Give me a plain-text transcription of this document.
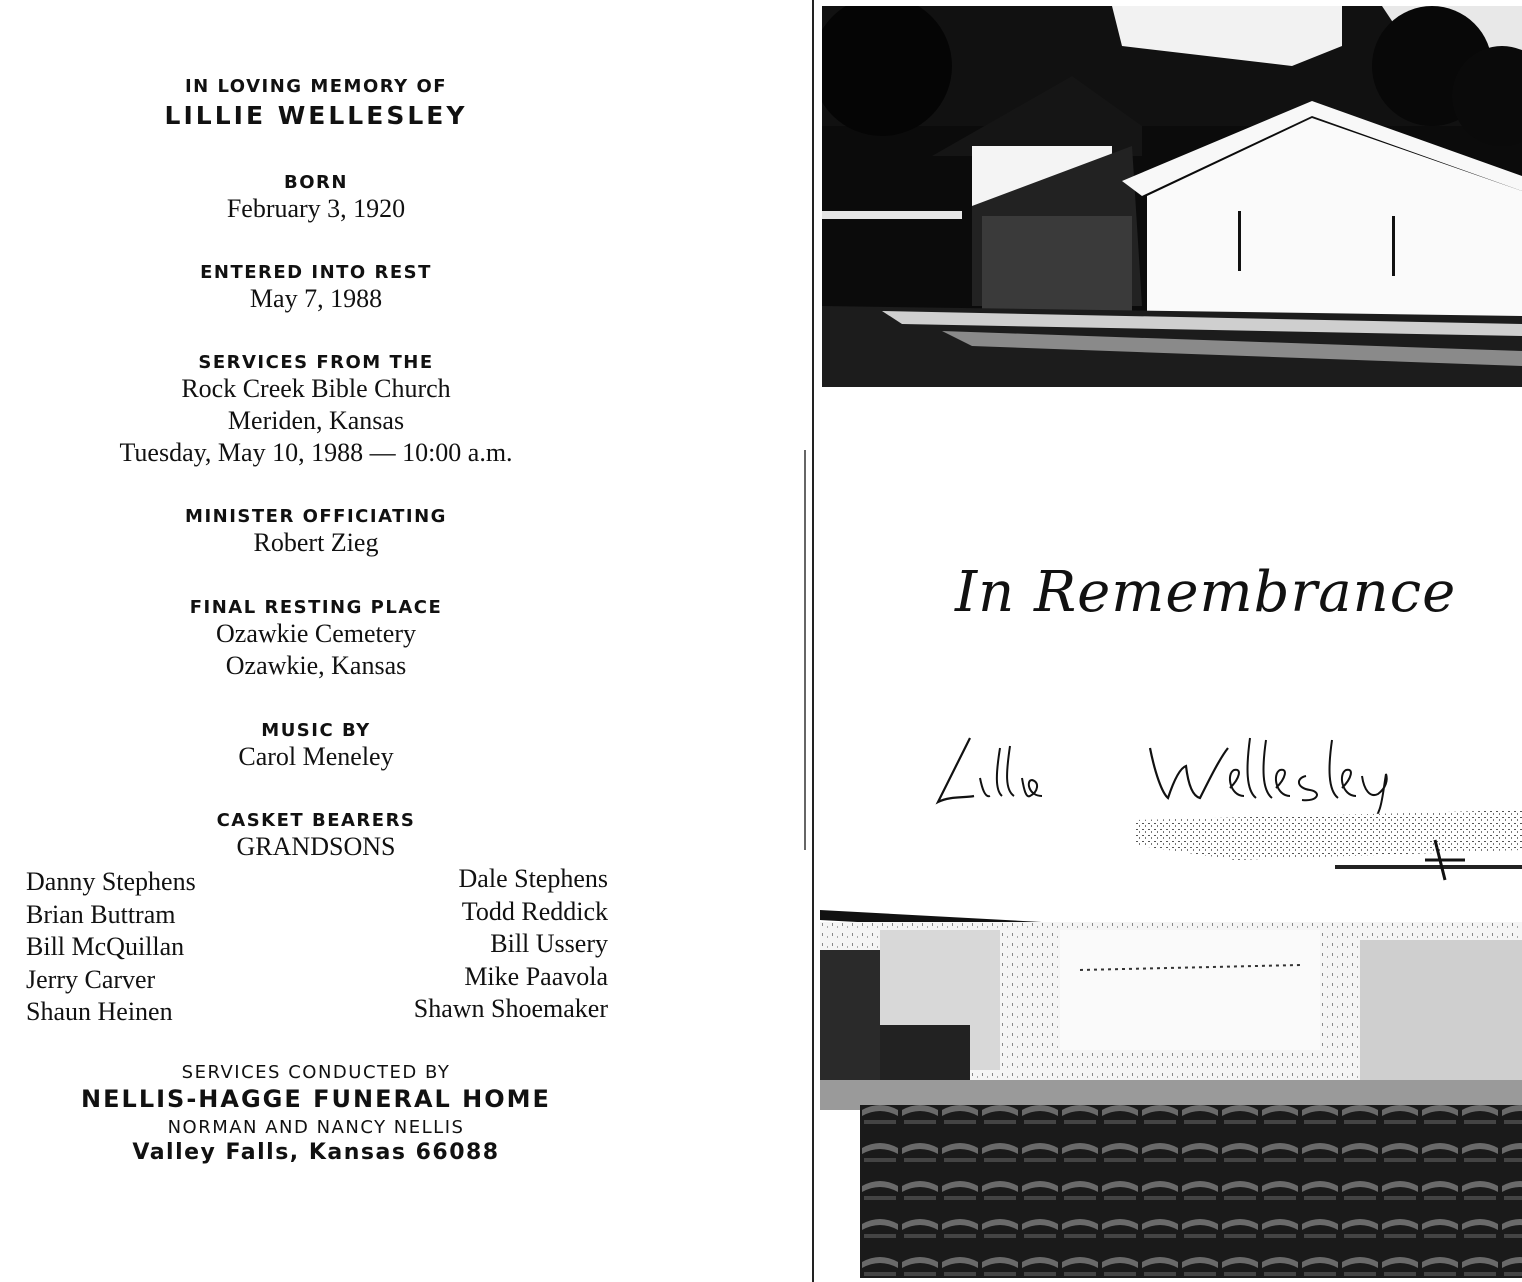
IN LOVING MEMORY OF
LILLIE WELLESLEY
BORN
February 3, 1920
ENTERED INTO REST
May 7, 1988
SERVICES FROM THE
Rock Creek Bible Church
Meriden, Kansas
Tuesday, May 10, 1988 — 10:00 a.m.
MINISTER OFFICIATING
Robert Zieg
FINAL RESTING PLACE
Ozawkie Cemetery
Ozawkie, Kansas
MUSIC BY
Carol Meneley
CASKET BEARERS
GRANDSONS
Danny Stephens
Brian Buttram
Bill McQuillan
Jerry Carver
Shaun Heinen
Dale Stephens
Todd Reddick
Bill Ussery
Mike Paavola
Shawn Shoemaker
SERVICES CONDUCTED BY
NELLIS-HAGGE FUNERAL HOME
NORMAN AND NANCY NELLIS
Valley Falls, Kansas 66088
In Remembrance
